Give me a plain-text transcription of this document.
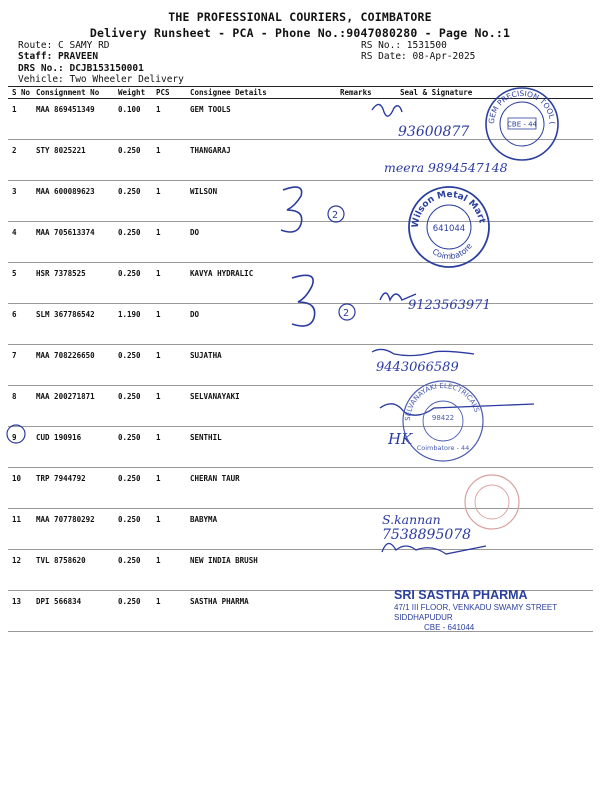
THE PROFESSIONAL COURIERS, COIMBATORE
Delivery Runsheet - PCA - Phone No.:9047080280 - Page No.:1
Route: C SAMY RD
Staff: PRAVEEN
DRS No.: DCJB153150001
Vehicle: Two Wheeler Delivery
RS No.: 1531500
RS Date: 08-Apr-2025
S No Consignment No	Weight PCS	Consignee Details	Remarks	Seal & Signature
1	MAA 869451349	0.100 1	GEM TOOLS
2	STY 8025221	0.250 1	THANGARAJ
3	MAA 600089623	0.250 1	WILSON
4	MAA 705613374	0.250 1	DO
5	HSR 7378525	0.250 1	KAVYA HYDRALIC
6	SLM 367786542	1.190 1	DO
7	MAA 708226650	0.250 1	SUJATHA
8	MAA 200271871	0.250 1	SELVANAYAKI
9	CUD 190916	0.250 1	SENTHIL
10 TRP 7944792	0.250 1	CHERAN TAUR
11 MAA 707780292	0.250 1	BABYMA
12 TVL 8758620	0.250 1	NEW INDIA BRUSH
13 DPI 566834	0.250 1	SASTHA PHARMA
2
2
93600877
meera 9894547148
9123563971
9443066589
HK
S.kannan
7538895078
GEM PRECISION TOOL (
CBE - 44
Wilson Metal Mart
Coimbatore
641044
SELVANAYAKI ELECTRICALS
98422
Coimbatore - 44
SRI SASTHA PHARMA
47/1 III FLOOR, VENKADU SWAMY STREET
SIDDHAPUDUR
CBE - 641044
